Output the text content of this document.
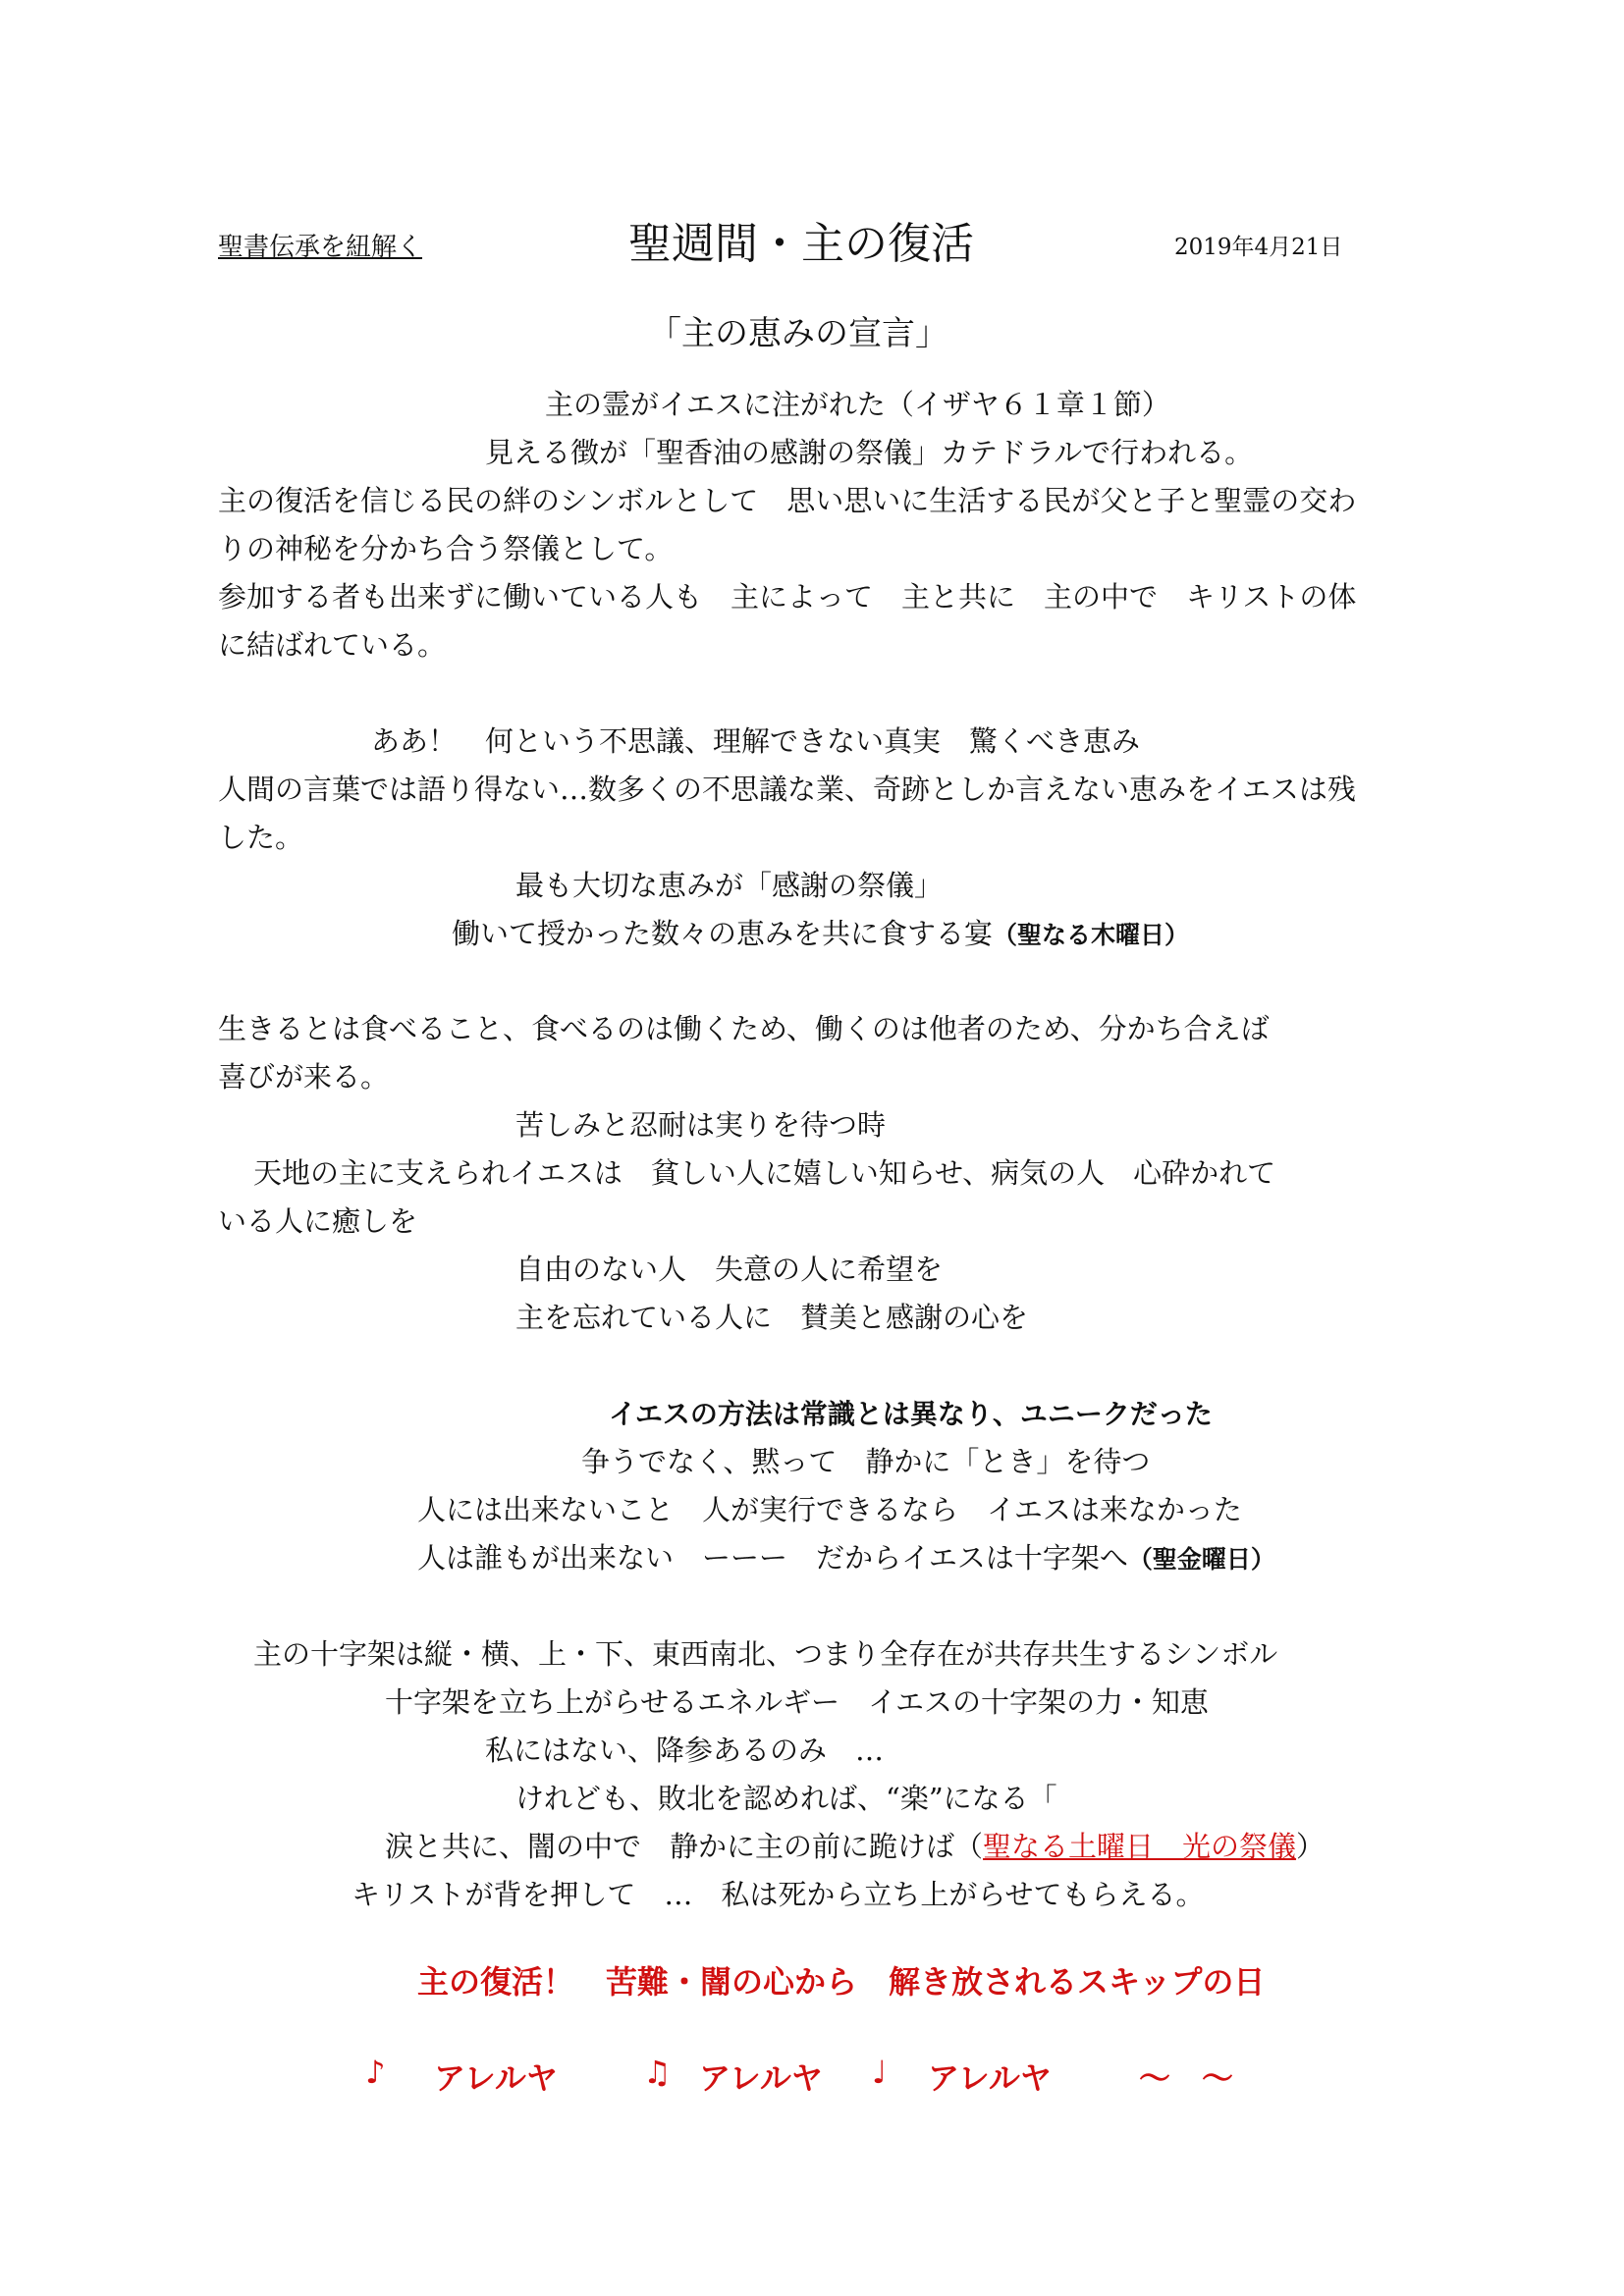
聖書伝承を紐解く	聖週間・主の復活	2019年4月21日
「主の恵みの宣言」
主の霊がイエスに注がれた（イザヤ６１章１節）
見える徴が「聖香油の感謝の祭儀」カテドラルで行われる。
主の復活を信じる民の絆のシンボルとして　思い思いに生活する民が父と子と聖霊の交わ
りの神秘を分かち合う祭儀として。
参加する者も出来ずに働いている人も　主によって　主と共に　主の中で　キリストの体
に結ばれている。
ああ！　何という不思議、理解できない真実　驚くべき恵み
人間の言葉では語り得ない…数多くの不思議な業、奇跡としか言えない恵みをイエスは残
した。
最も大切な恵みが「感謝の祭儀」
働いて授かった数々の恵みを共に食する宴（聖なる木曜日）
生きるとは食べること、食べるのは働くため、働くのは他者のため、分かち合えば
喜びが来る。
苦しみと忍耐は実りを待つ時
天地の主に支えられイエスは　貧しい人に嬉しい知らせ、病気の人　心砕かれて
いる人に癒しを
自由のない人　失意の人に希望を
主を忘れている人に　賛美と感謝の心を
イエスの方法は常識とは異なり、ユニークだった
争うでなく、黙って　静かに「とき」を待つ
人には出来ないこと　人が実行できるなら　イエスは来なかった
人は誰もが出来ない　ーーー　だからイエスは十字架へ（聖金曜日）
主の十字架は縦・横、上・下、東西南北、つまり全存在が共存共生するシンボル
十字架を立ち上がらせるエネルギー　イエスの十字架の力・知恵
私にはない、降参あるのみ　…
けれども、敗北を認めれば、“楽”になる「
涙と共に、闇の中で　静かに主の前に跪けば（聖なる土曜日　光の祭儀）
キリストが背を押して　…　私は死から立ち上がらせてもらえる。
主の復活！　苦難・闇の心から　解き放されるスキップの日
♪ アレルヤ	♫ アレルヤ ♩ アレルヤ	〜　〜
